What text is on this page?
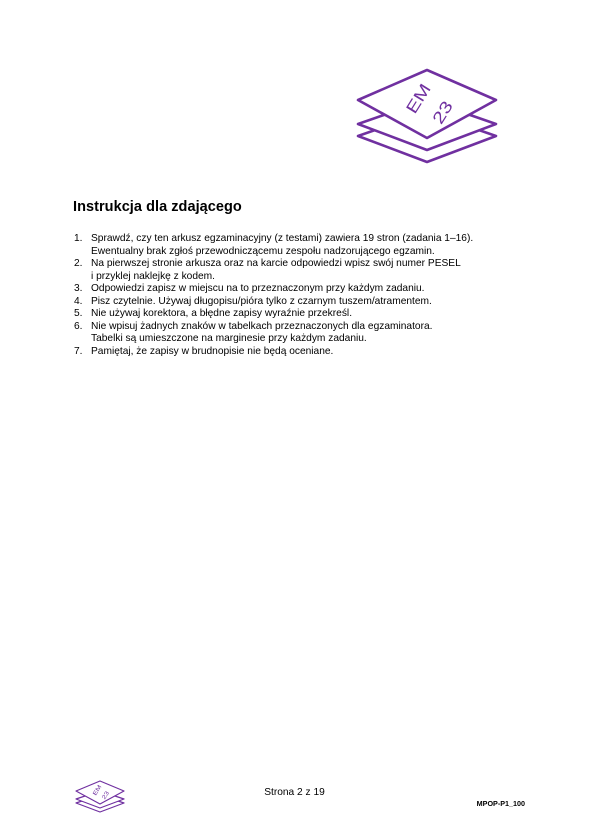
EM
23
Instrukcja dla zdającego
1. Sprawdź, czy ten arkusz egzaminacyjny (z testami) zawiera 19 stron (zadania 1–16).
Ewentualny brak zgłoś przewodniczącemu zespołu nadzorującego egzamin.
2. Na pierwszej stronie arkusza oraz na karcie odpowiedzi wpisz swój numer PESEL
i przyklej naklejkę z kodem.
3. Odpowiedzi zapisz w miejscu na to przeznaczonym przy każdym zadaniu.
4. Pisz czytelnie. Używaj długopisu/pióra tylko z czarnym tuszem/atramentem.
5. Nie używaj korektora, a błędne zapisy wyraźnie przekreśl.
6. Nie wpisuj żadnych znaków w tabelkach przeznaczonych dla egzaminatora.
Tabelki są umieszczone na marginesie przy każdym zadaniu.
7. Pamiętaj, że zapisy w brudnopisie nie będą oceniane.
EM
23	Strona 2 z 19
MPOP-P1_100
